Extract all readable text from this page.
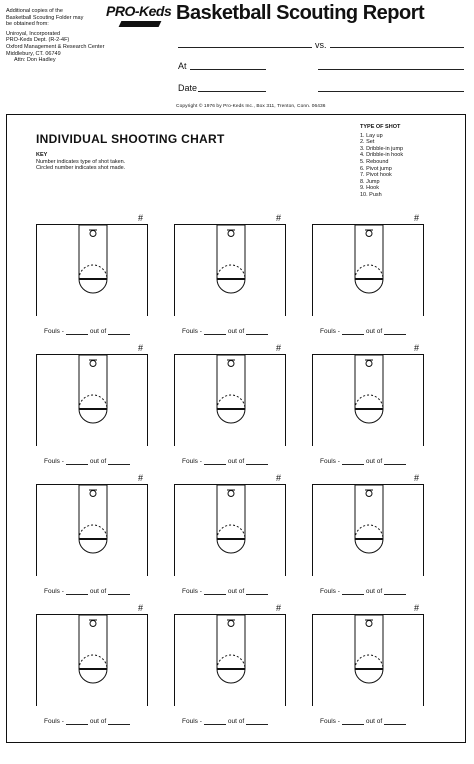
PRO-Keds Basketball Scouting Report
Additional copies of the
Basketball Scouting Folder may
be obtained from:
Uniroyal, Incorporated
PRO-Keds Dept. (R-2-4F)
Oxford Management & Research Center
Middlebury, CT. 06749
Attn: Don Hadley
vs.
At
Date
Copyright © 1976 by Pro-Keds Inc., Box 311, Trenton, Conn. 06436
INDIVIDUAL SHOOTING CHART
KEY
Number indicates type of shot taken.
Circled number indicates shot made.
TYPE OF SHOT
1. Lay up
2. Set
3. Dribble-in jump
4. Dribble-in hook
5. Rebound
6. Pivot jump
7. Pivot hook
8. Jump
9. Hook
10. Push
#
Fouls -	out of
#
Fouls -	out of
#
Fouls -	out of
#
Fouls -	out of
#
Fouls -	out of
#
Fouls -	out of
#
Fouls -	out of
#
Fouls -	out of
#
Fouls -	out of
#
Fouls -	out of
#
Fouls -	out of
#
Fouls -	out of
